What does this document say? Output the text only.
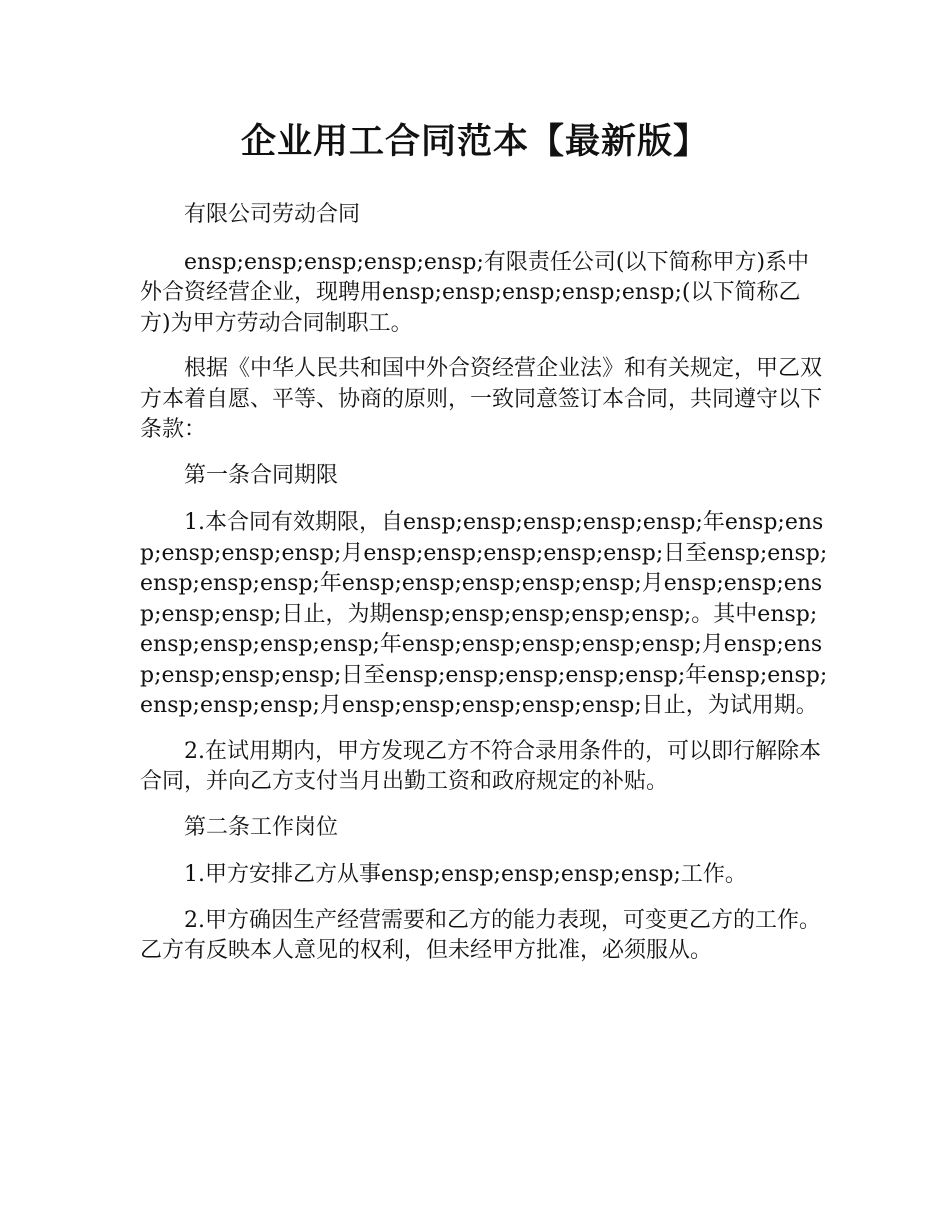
企业用工合同范本【最新版】

有限公司劳动合同

ensp;ensp;ensp;ensp;ensp;有限责任公司(以下简称甲方)系中外合资经营企业，现聘用ensp;ensp;ensp;ensp;ensp;(以下简称乙方)为甲方劳动合同制职工。

根据《中华人民共和国中外合资经营企业法》和有关规定，甲乙双方本着自愿、平等、协商的原则，一致同意签订本合同，共同遵守以下条款：

第一条合同期限

1.本合同有效期限，自ensp;ensp;ensp;ensp;ensp;年ensp;ensp;ensp;ensp;ensp;月ensp;ensp;ensp;ensp;ensp;日至ensp;ensp;ensp;ensp;ensp;年ensp;ensp;ensp;ensp;ensp;月ensp;ensp;ensp;ensp;ensp;日止，为期ensp;ensp;ensp;ensp;ensp;。其中ensp;ensp;ensp;ensp;ensp;年ensp;ensp;ensp;ensp;ensp;月ensp;ensp;ensp;ensp;ensp;日至ensp;ensp;ensp;ensp;ensp;年ensp;ensp;ensp;ensp;ensp;月ensp;ensp;ensp;ensp;ensp;日止，为试用期。

2.在试用期内，甲方发现乙方不符合录用条件的，可以即行解除本合同，并向乙方支付当月出勤工资和政府规定的补贴。

第二条工作岗位

1.甲方安排乙方从事ensp;ensp;ensp;ensp;ensp;工作。

2.甲方确因生产经营需要和乙方的能力表现，可变更乙方的工作。乙方有反映本人意见的权利，但未经甲方批准，必须服从。
